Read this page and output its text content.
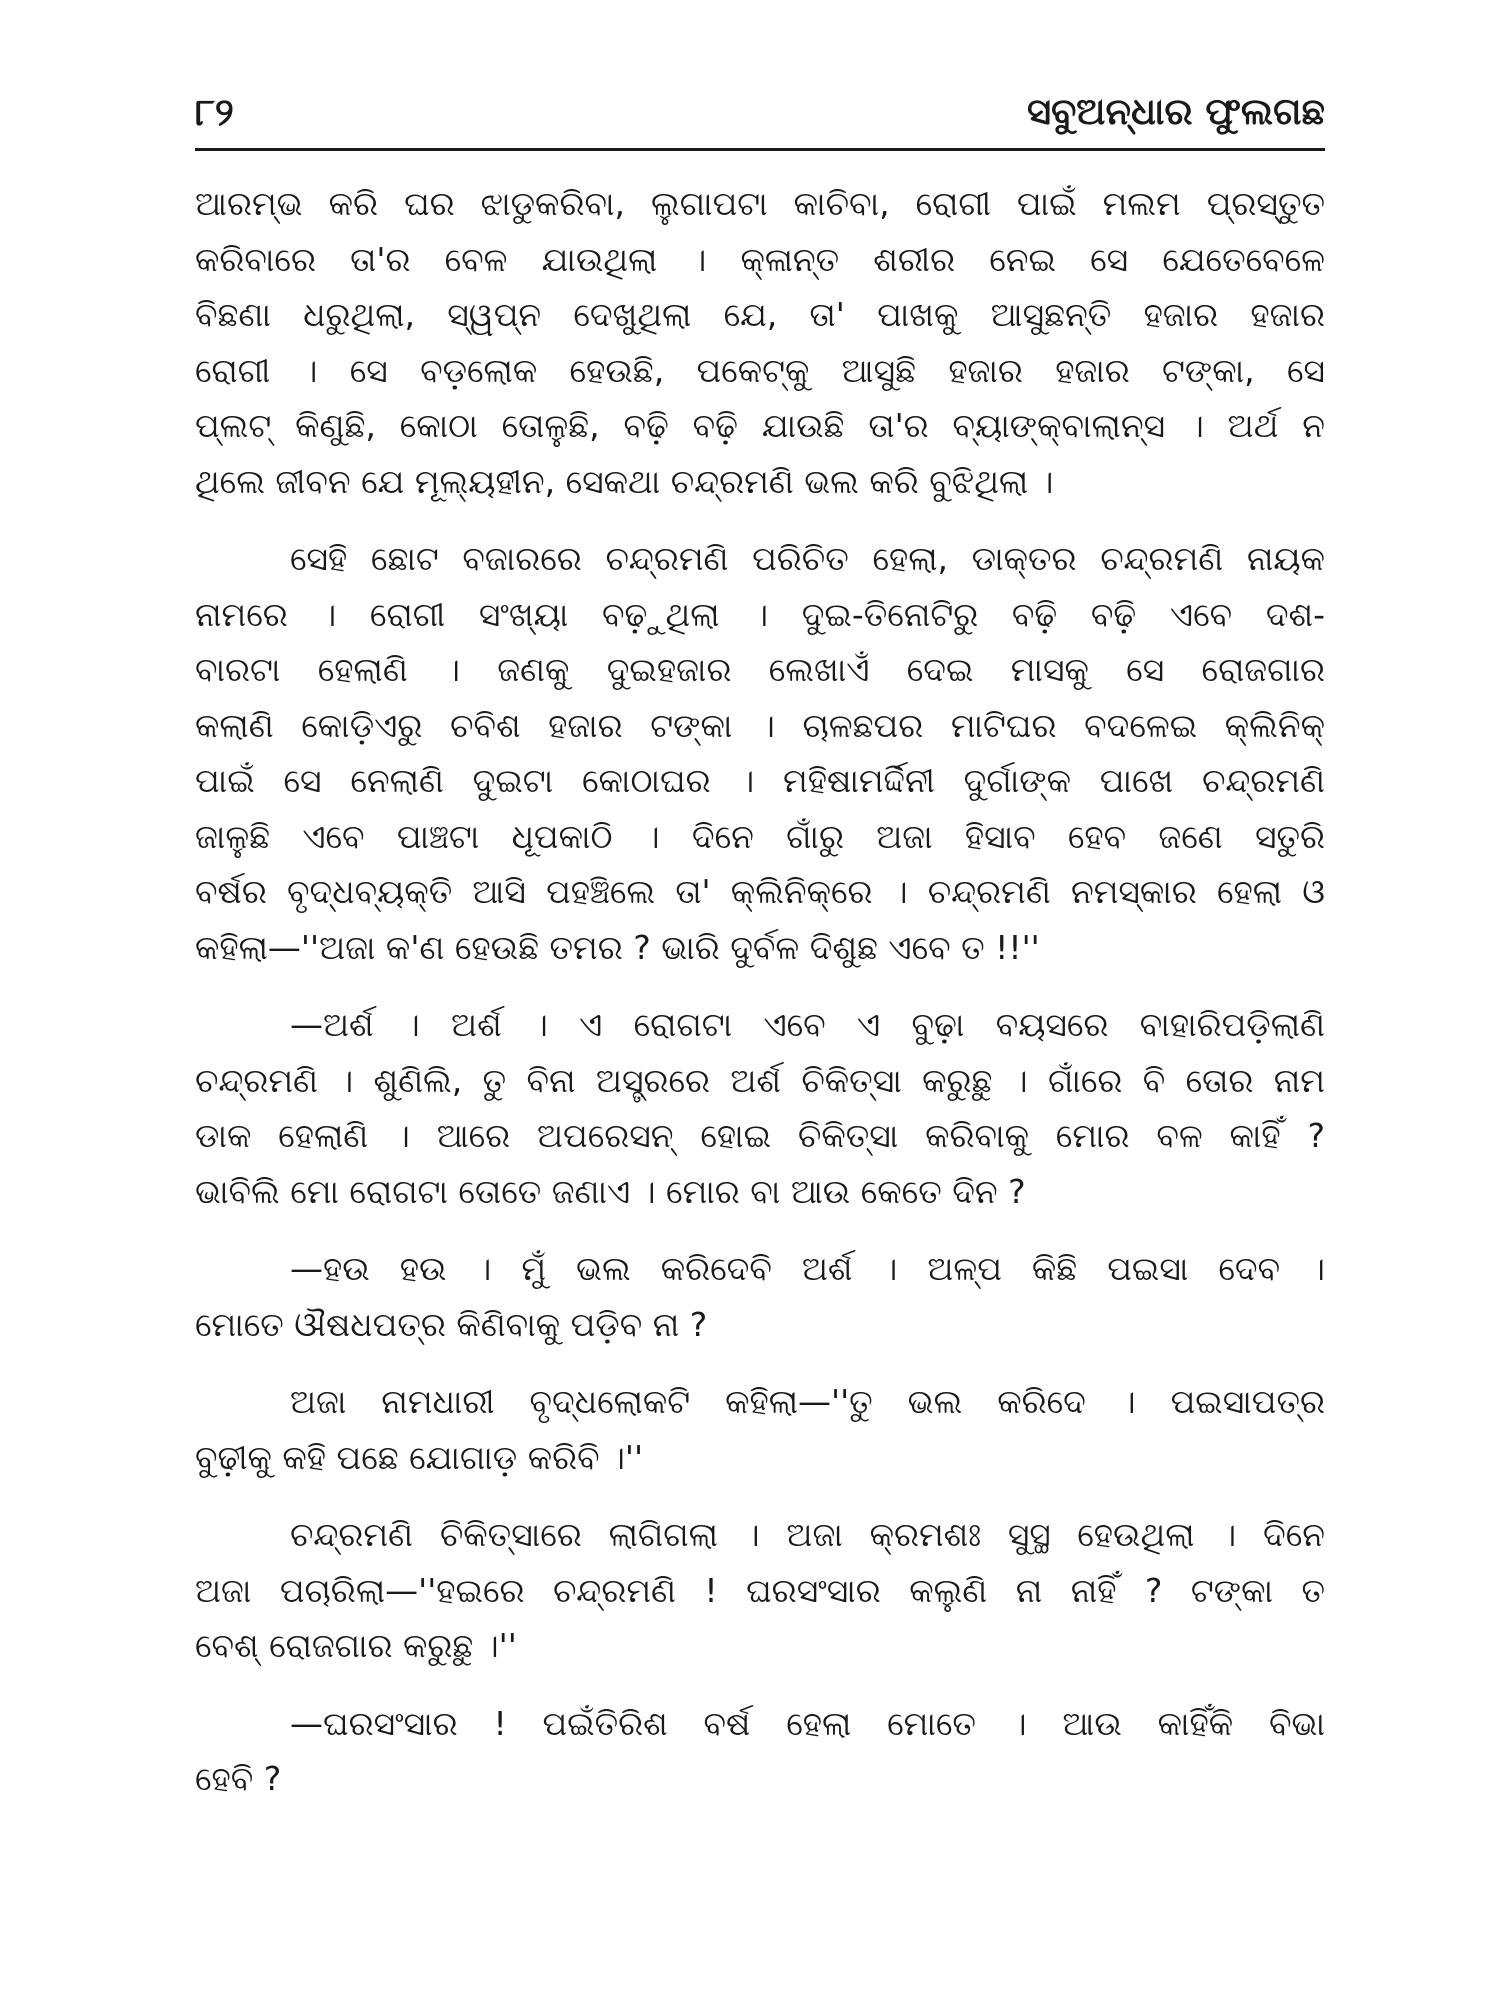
୮୨	ସବୁଅନ୍ଧାର ଫୁଲଗଛ
ଆରମ୍ଭ କରି ଘର ଝାଡୁକରିବା, ଲୁଗାପଟା କାଚିବା, ରୋଗୀ ପାଇଁ ମଲମ ପ୍ରସ୍ତୁତ
କରିବାରେ ତା'ର ବେଳ ଯାଉଥିଲା । କ୍ଳାନ୍ତ ଶରୀର ନେଇ ସେ ଯେତେବେଳେ
ବିଛଣା ଧରୁଥିଲା, ସ୍ୱପ୍ନ ଦେଖୁଥିଲା ଯେ, ତା' ପାଖକୁ ଆସୁଛନ୍ତି ହଜାର ହଜାର
ରୋଗୀ । ସେ ବଡ଼ଲୋକ ହେଉଛି, ପକେଟ୍‌କୁ ଆସୁଛି ହଜାର ହଜାର ଟଙ୍କା, ସେ
ପ୍ଲଟ୍ କିଣୁଛି, କୋଠା ତୋଳୁଛି, ବଢ଼ି ବଢ଼ି ଯାଉଛି ତା'ର ବ୍ୟାଙ୍କ୍‌ବାଲାନ୍ସ । ଅର୍ଥ ନ
ଥିଲେ ଜୀବନ ଯେ ମୂଲ୍ୟହୀନ, ସେକଥା ଚନ୍ଦ୍ରମଣି ଭଲ କରି ବୁଝିଥିଲା ।
ସେହି ଛୋଟ ବଜାରରେ ଚନ୍ଦ୍ରମଣି ପରିଚିତ ହେଲା, ଡାକ୍ତର ଚନ୍ଦ୍ରମଣି ନାୟକ
ନାମରେ । ରୋଗୀ ସଂଖ୍ୟା ବଢ଼ୁଥିଲା । ଦୁଇ-ତିନୋଟିରୁ ବଢ଼ି ବଢ଼ି ଏବେ ଦଶ-
ବାରଟା ହେଲାଣି । ଜଣକୁ ଦୁଇହଜାର ଲେଖାଏଁ ଦେଇ ମାସକୁ ସେ ରୋଜଗାର
କଲାଣି କୋଡ଼ିଏରୁ ଚବିଶ ହଜାର ଟଙ୍କା । ଚାଳଛପର ମାଟିଘର ବଦଳେଇ କ୍ଲିନିକ୍
ପାଇଁ ସେ ନେଲାଣି ଦୁଇଟା କୋଠାଘର । ମହିଷାମର୍ଦ୍ଦିନୀ ଦୁର୍ଗାଙ୍କ ପାଖେ ଚନ୍ଦ୍ରମଣି
ଜାଳୁଛି ଏବେ ପାଞ୍ଚଟା ଧୂପକାଠି । ଦିନେ ଗାଁରୁ ଅଜା ହିସାବ ହେବ ଜଣେ ସତୁରି
ବର୍ଷର ବୃଦ୍ଧବ୍ୟକ୍ତି ଆସି ପହଞ୍ଚିଲେ ତା' କ୍ଲିନିକ୍‌ରେ । ଚନ୍ଦ୍ରମଣି ନମସ୍କାର ହେଲା ଓ
କହିଲା—''ଅଜା କ'ଣ ହେଉଛି ତମର ? ଭାରି ଦୁର୍ବଳ ଦିଶୁଛ ଏବେ ତ !!''
—ଅର୍ଶ । ଅର୍ଶ । ଏ ରୋଗଟା ଏବେ ଏ ବୁଢ଼ା ବୟସରେ ବାହାରିପଡ଼ିଲାଣି
ଚନ୍ଦ୍ରମଣି । ଶୁଣିଲି, ତୁ ବିନା ଅସ୍ତ୍ରରେ ଅର୍ଶ ଚିକିତ୍ସା କରୁଛୁ । ଗାଁରେ ବି ତୋର ନାମ
ଡାକ ହେଲାଣି । ଆରେ ଅପରେସନ୍ ହୋଇ ଚିକିତ୍ସା କରିବାକୁ ମୋର ବଳ କାହିଁ ?
ଭାବିଲି ମୋ ରୋଗଟା ତୋତେ ଜଣାଏ । ମୋର ବା ଆଉ କେତେ ଦିନ ?
—ହଉ ହଉ । ମୁଁ ଭଲ କରିଦେବି ଅର୍ଶ । ଅଳ୍ପ କିଛି ପଇସା ଦେବ ।
ମୋତେ ଔଷଧପତ୍ର କିଣିବାକୁ ପଡ଼ିବ ନା ?
ଅଜା ନାମଧାରୀ ବୃଦ୍ଧଲୋକଟି କହିଲା—''ତୁ ଭଲ କରିଦେ । ପଇସାପତ୍ର
ବୁଢ଼ୀକୁ କହି ପଛେ ଯୋଗାଡ଼ କରିବି ।''
ଚନ୍ଦ୍ରମଣି ଚିକିତ୍ସାରେ ଲାଗିଗଲା । ଅଜା କ୍ରମଶଃ ସୁସ୍ଥ ହେଉଥିଲା । ଦିନେ
ଅଜା ପଚାରିଲା—''ହଇରେ ଚନ୍ଦ୍ରମଣି ! ଘରସଂସାର କଲୁଣି ନା ନାହିଁ ? ଟଙ୍କା ତ
ବେଶ୍ ରୋଜଗାର କରୁଛୁ ।''
—ଘରସଂସାର ! ପଇଁତିରିଶ ବର୍ଷ ହେଲା ମୋତେ । ଆଉ କାହିଁକି ବିଭା
ହେବି ?
